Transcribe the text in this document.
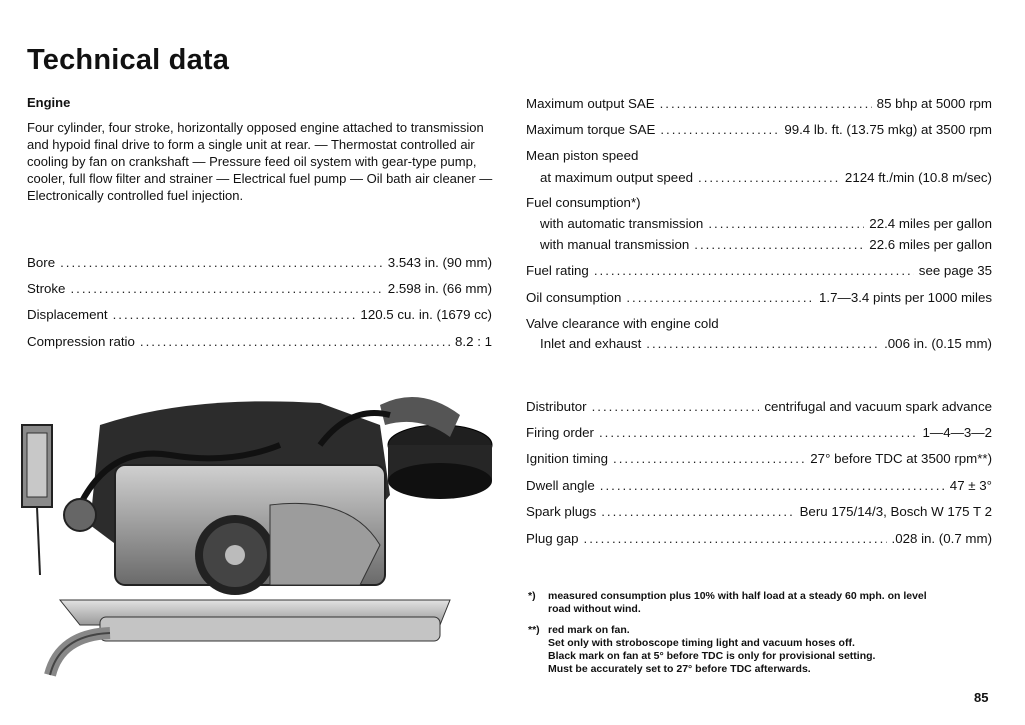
Technical data
Engine
Four cylinder, four stroke, horizontally opposed engine attached to transmission and hypoid final drive to form a single unit at rear. — Thermostat controlled air cooling by fan on crankshaft — Pressure feed oil system with gear-type pump, cooler, full flow filter and strainer — Electrical fuel pump — Oil bath air cleaner — Electronically controlled fuel injection.
Bore .....	3.543 in. (90 mm)
Stroke .....	2.598 in. (66 mm)
Displacement .....	120.5 cu. in. (1679 cc)
Compression ratio .....	8.2 : 1
Maximum output SAE .....	85 bhp at 5000 rpm
Maximum torque SAE .....	99.4 lb. ft. (13.75 mkg) at 3500 rpm
Mean piston speed
at maximum output speed .....	2124 ft./min (10.8 m/sec)
Fuel consumption*)
with automatic transmission .....	22.4 miles per gallon
with manual transmission .....	22.6 miles per gallon
Fuel rating .....	see page 35
Oil consumption .....	1.7—3.4 pints per 1000 miles
Valve clearance with engine cold
Inlet and exhaust .....	.006 in. (0.15 mm)
Distributor .....	centrifugal and vacuum spark advance
Firing order .....	1—4—3—2
Ignition timing .....	27° before TDC at 3500 rpm**)
Dwell angle .....	47 ± 3°
Spark plugs .....	Beru 175/14/3, Bosch W 175 T 2
Plug gap .....	.028 in. (0.7 mm)
*)	measured consumption plus 10% with half load at a steady 60 mph. on level
road without wind.
**) red mark on fan.
Set only with stroboscope timing light and vacuum hoses off.
Black mark on fan at 5° before TDC is only for provisional setting.
Must be accurately set to 27° before TDC afterwards.
85
